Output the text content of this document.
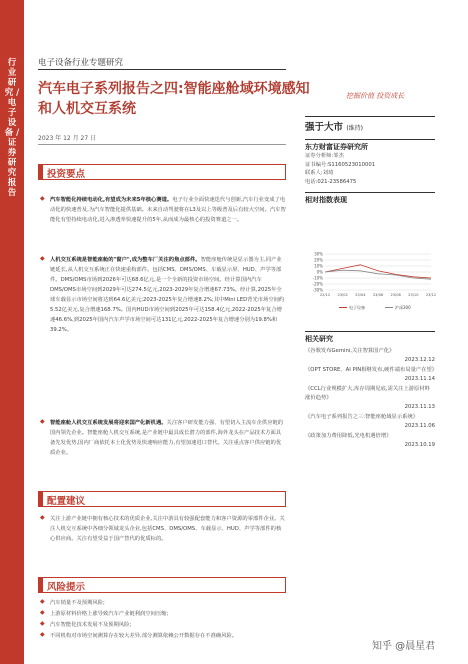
行业研究 / 电子设备 / 证券研究报告
电子设备行业专题研究
汽车电子系列报告之四:智能座舱域环境感知和人机交互系统
2023 年 12 月 27 日
挖掘价值 投资成长
投资要点
◆ 汽车智能化持续电动化,有望成为未来5年核心赛道。电子行业全面快速迭代与创新,汽车行业变成了电动化的快速普及,为汽车智能化提供基础。未来自动驾驶将在L3及以上等级普及后有较大空间。汽车智能化有望持续电动化,进入渗透率快速提升的5年,从而成为最核心的投资赛道之一。
◆ 人机交互系统是智能座舱的"窗户",成为整车厂关注的焦点部件。智能座舱传统是显示器为主,同产业链延长,从人机交互系统正在快速重构部件。包括CMS、DMS/OMS、车载显示屏、HUD、声学等部件。DMS/OMS市场到2026年可达68.6亿元,是一个全新的投资市场空间。经计算国内汽车DMS/OMS市场空间到2029年可达274.5亿元,2023-2029年复合增速67.73%。经计算,2025年全球车载显示市场空间将达到64.6亿美元;2023-2025年复合增速8.2%;其中Mini LED背光市场空间约5.52亿美元,复合增速168.7%。国内HUD市场空间到2025年可达158.4亿元,2022-2025年复合增速46.6%,到2025年国内汽车声学市场空间可达131亿元,2022-2025年复合增速分别为19.8%和39.2%。
◆ 智能座舱人机交互系统发展将迎来国产化新机遇。关注客户研发能力强、有望切入主流车企供应链的国内领先企业。智能座舱人机交互系统,是产业链中最具成长潜力的部件,海外龙头在产品技术方面具备先发优势,国内厂商依托本土化优势及快速响应能力,有望加速进口替代。关注重点客户供应链的优质企业。
配置建议
◆ 关注上游产业链中拥有核心技术的优质企业,关注中游具有较强配套能力和客户资源的零部件企业。关注人机交互系统中各细分领域龙头企业,包括CMS、DMS/OMS、车载显示、HUD、声学等部件的核心供应商。关注有望受益于国产替代的优质标的。
风险提示
◆ 汽车销量不及预期风险;
◆ 上游原材料价格上涨导致汽车产业链利润空间压缩;
◆ 汽车智能化技术发展不及预期风险;
◆ 不同机构对市场空间测算存在较大差异,部分测算依赖公开数据存在不准确风险。
强于大市 (维持)
东方财富证券研究所
证券分析师:邹杰
证书编号:S1160523010001
联系人:刘琦
电话:021-23586475
相对指数表现
30%
20%
10%
0%
-10%
-20%
-30%
22/12 23/02 23/04 23/06 23/08 23/10 23/12
电子设备	沪深300
相关研究
《谷歌发布Gemini,关注智算国产化》
2023.12.12
《OPT STORE、AI PIN相继发布,硬件端布局量产在望》
2023.11.14
《CCL行业规模扩大,库存周期见底,需关注上游原材料涨价趋势》
2023.11.13
《汽车电子系列报告之三:智能座舱域显示系统》
2023.11.06
《政策加力费用降低,光电机遇倍增》
2023.10.19
知乎 @晨星君
